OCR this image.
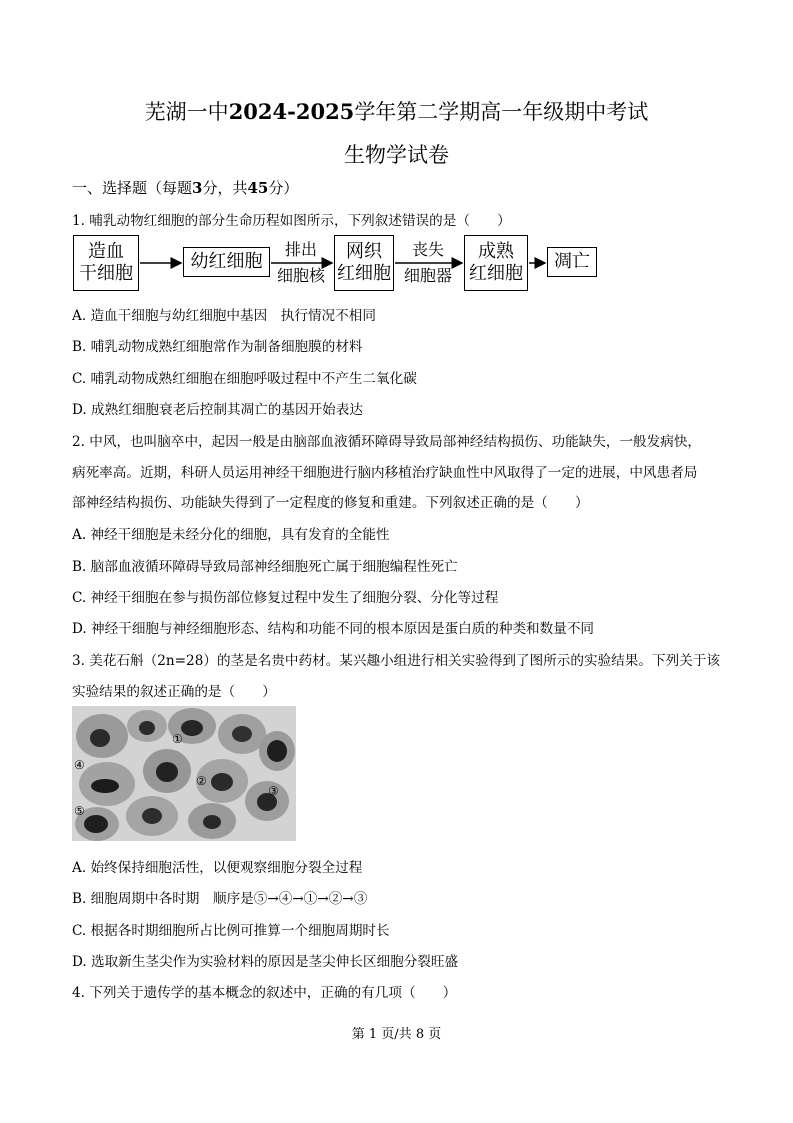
芜湖一中2024-2025学年第二学期高一年级期中考试
生物学试卷
一、选择题（每题3分，共45分）
1. 哺乳动物红细胞的部分生命历程如图所示，下列叙述错误的是（　　）
造血
干细胞
幼红细胞	网织
红细胞
成熟
红细胞
凋亡
排出
细胞核
丧失
细胞器
A. 造血干细胞与幼红细胞中基因　执行情况不相同
B. 哺乳动物成熟红细胞常作为制备细胞膜的材料
C. 哺乳动物成熟红细胞在细胞呼吸过程中不产生二氧化碳
D. 成熟红细胞衰老后控制其凋亡的基因开始表达
2. 中风，也叫脑卒中，起因一般是由脑部血液循环障碍导致局部神经结构损伤、功能缺失，一般发病快，
病死率高。近期，科研人员运用神经干细胞进行脑内移植治疗缺血性中风取得了一定的进展，中风患者局
部神经结构损伤、功能缺失得到了一定程度的修复和重建。下列叙述正确的是（　　）
A. 神经干细胞是未经分化的细胞，具有发育的全能性
B. 脑部血液循环障碍导致局部神经细胞死亡属于细胞编程性死亡
C. 神经干细胞在参与损伤部位修复过程中发生了细胞分裂、分化等过程
D. 神经干细胞与神经细胞形态、结构和功能不同的根本原因是蛋白质的种类和数量不同
3. 美花石斛（2n=28）的茎是名贵中药材。某兴趣小组进行相关实验得到了图所示的实验结果。下列关于该
实验结果的叙述正确的是（　　）
①
②
③
④
⑤
A. 始终保持细胞活性，以便观察细胞分裂全过程
B. 细胞周期中各时期　顺序是⑤→④→①→②→③
C. 根据各时期细胞所占比例可推算一个细胞周期时长
D. 选取新生茎尖作为实验材料的原因是茎尖伸长区细胞分裂旺盛
4. 下列关于遗传学的基本概念的叙述中，正确的有几项（　　）
第 1 页/共 8 页
